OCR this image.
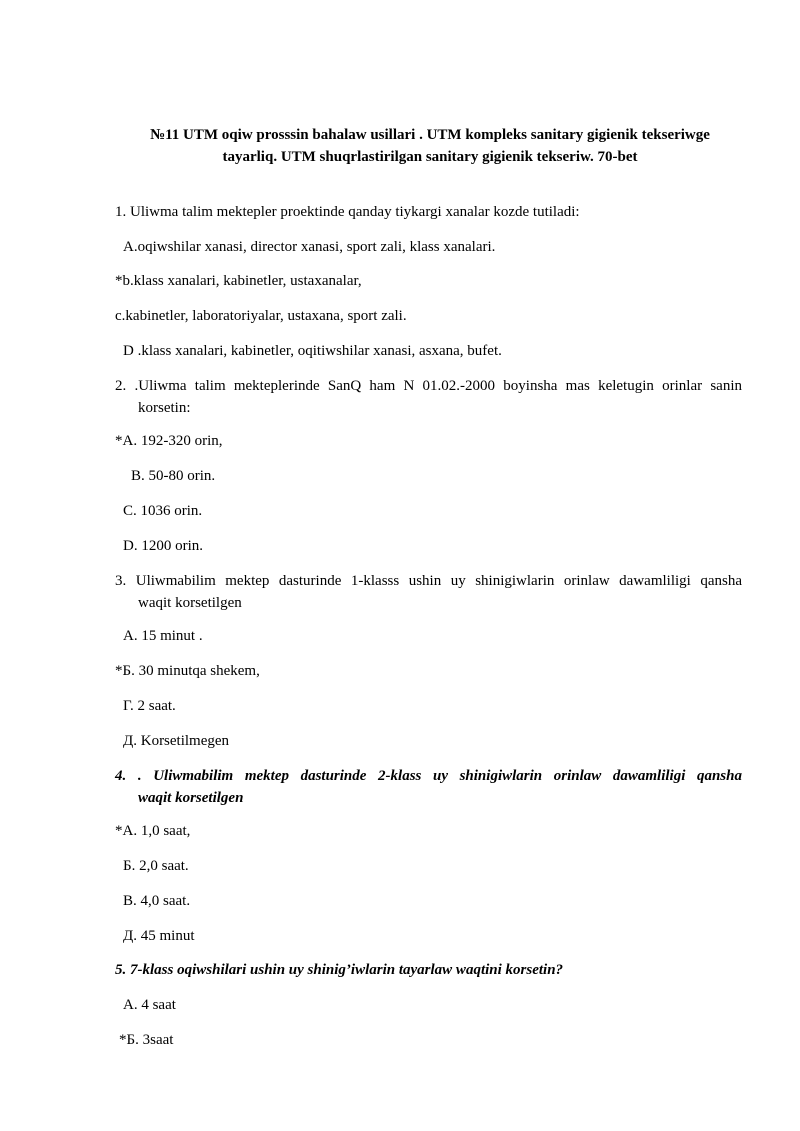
№11 UTM oqiw prosssin bahalaw usillari . UTM kompleks sanitary gigienik tekseriwge
tayarliq. UTM shuqrlastirilgan sanitary gigienik tekseriw. 70-bet
1. Uliwma talim mektepler proektinde qanday tiykargi xanalar kozde tutiladi:
A.oqiwshilar xanasi, director xanasi, sport zali, klass xanalari.
*b.klass xanalari, kabinetler, ustaxanalar,
c.kabinetler, laboratoriyalar, ustaxana, sport zali.
D .klass xanalari, kabinetler, oqitiwshilar xanasi, asxana, bufet.
2. .Uliwma talim mekteplerinde SanQ ham N 01.02.-2000 boyinsha mas keletugin orinlar sanin
korsetin:
*A. 192-320 orin,
B. 50-80 orin.
C. 1036 orin.
D. 1200 orin.
3. Uliwmabilim mektep dasturinde 1-klasss ushin uy shinigiwlarin orinlaw dawamliligi qansha
waqit korsetilgen
A. 15 minut .
*Б. 30 minutqa shekem,
Г. 2 saat.
Д. Korsetilmegen
4. . Uliwmabilim mektep dasturinde 2-klass uy shinigiwlarin orinlaw dawamliligi qansha
waqit korsetilgen
*A. 1,0 saat,
Б. 2,0 saat.
B. 4,0 saat.
Д. 45 minut
5. 7-klass oqiwshilari ushin uy shinig’iwlarin tayarlaw waqtini korsetin?
A. 4 saat
*Б. 3saat
